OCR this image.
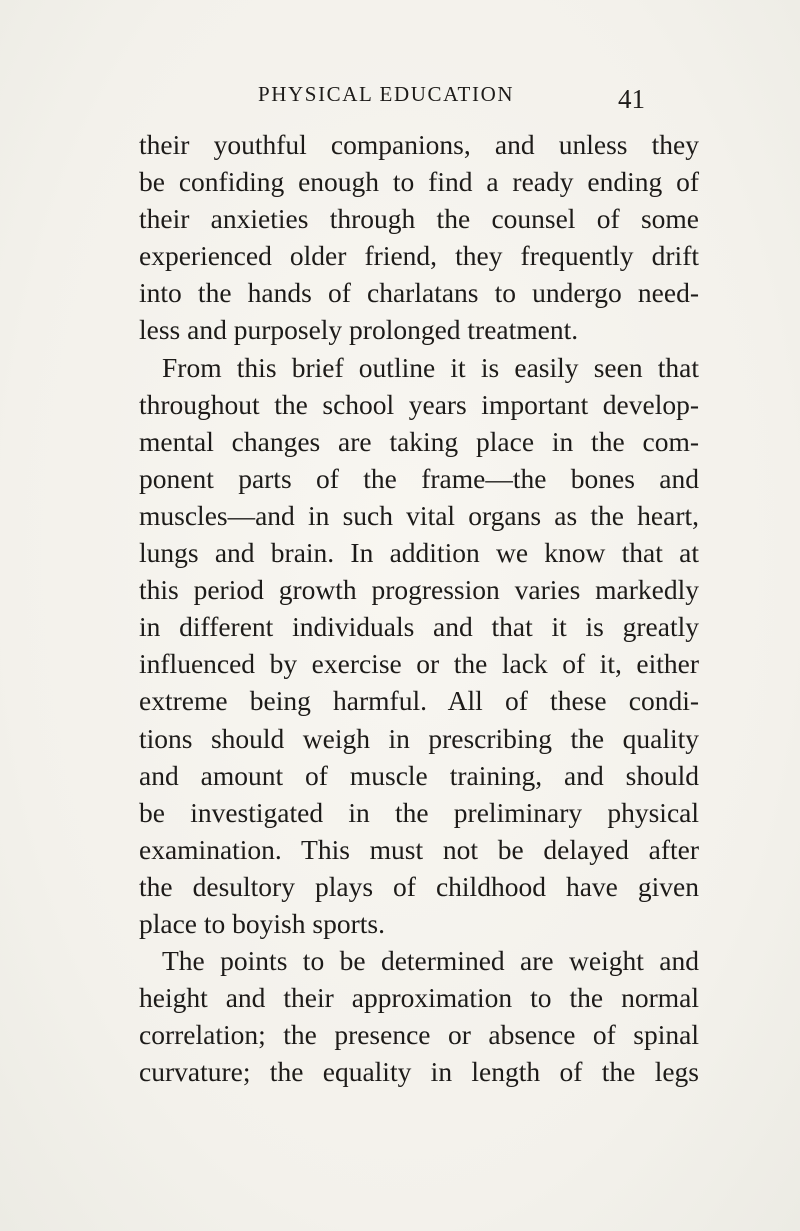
PHYSICAL EDUCATION	41
their youthful companions, and unless they
be confiding enough to find a ready ending of
their anxieties through the counsel of some
experienced older friend, they frequently drift
into the hands of charlatans to undergo need-
less and purposely prolonged treatment.
From this brief outline it is easily seen that
throughout the school years important develop-
mental changes are taking place in the com-
ponent parts of the frame—the bones and
muscles—and in such vital organs as the heart,
lungs and brain. In addition we know that at
this period growth progression varies markedly
in different individuals and that it is greatly
influenced by exercise or the lack of it, either
extreme being harmful. All of these condi-
tions should weigh in prescribing the quality
and amount of muscle training, and should
be investigated in the preliminary physical
examination. This must not be delayed after
the desultory plays of childhood have given
place to boyish sports.
The points to be determined are weight and
height and their approximation to the normal
correlation; the presence or absence of spinal
curvature; the equality in length of the legs
